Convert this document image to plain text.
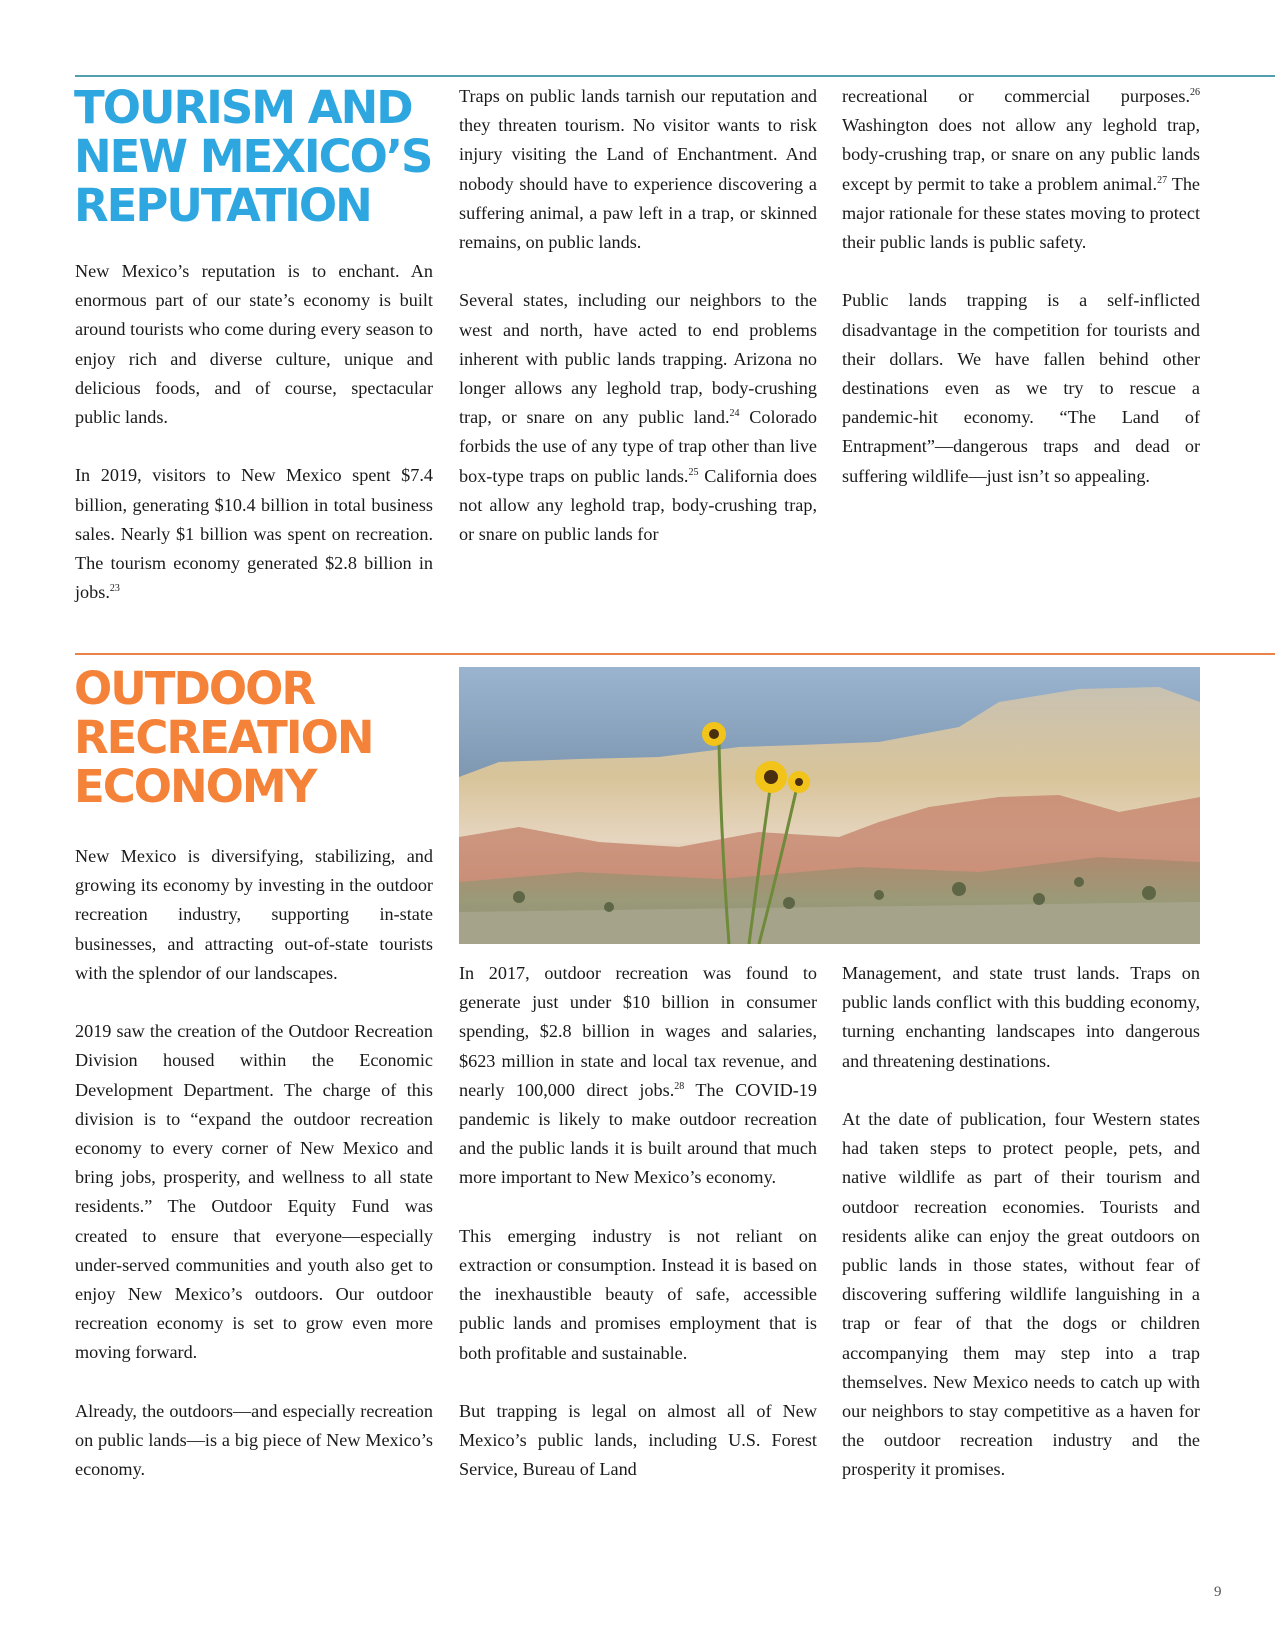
TOURISM AND
NEW MEXICO’S
REPUTATION

New Mexico’s reputation is to enchant. An enormous part of our state’s economy is built around tourists who come during every season to enjoy rich and diverse culture, unique and delicious foods, and of course, spectacular public lands.

In 2019, visitors to New Mexico spent $7.4 billion, generating $10.4 billion in total business sales. Nearly $1 billion was spent on recreation. The tourism economy generated $2.8 billion in jobs.$^{23}$

Traps on public lands tarnish our reputation and they threaten tourism. No visitor wants to risk injury visiting the Land of Enchantment. And nobody should have to experience discovering a suffering animal, a paw left in a trap, or skinned remains, on public lands.

Several states, including our neighbors to the west and north, have acted to end problems inherent with public lands trapping. Arizona no longer allows any leghold trap, body-crushing trap, or snare on any public land.$^{24}$ Colorado forbids the use of any type of trap other than live box-type traps on public lands.$^{25}$ California does not allow any leghold trap, body-crushing trap, or snare on public lands for

recreational or commercial purposes.$^{26}$ Washington does not allow any leghold trap, body-crushing trap, or snare on any public lands except by permit to take a problem animal.$^{27}$ The major rationale for these states moving to protect their public lands is public safety.

Public lands trapping is a self-inflicted disadvantage in the competition for tourists and their dollars. We have fallen behind other destinations even as we try to rescue a pandemic-hit economy. “The Land of Entrapment”—dangerous traps and dead or suffering wildlife—just isn’t so appealing.

OUTDOOR
RECREATION
ECONOMY

New Mexico is diversifying, stabilizing, and growing its economy by investing in the outdoor recreation industry, supporting in-state businesses, and attracting out-of-state tourists with the splendor of our landscapes.

2019 saw the creation of the Outdoor Recreation Division housed within the Economic Development Department. The charge of this division is to “expand the outdoor recreation economy to every corner of New Mexico and bring jobs, prosperity, and wellness to all state residents.” The Outdoor Equity Fund was created to ensure that everyone—especially under-served communities and youth also get to enjoy New Mexico’s outdoors. Our outdoor recreation economy is set to grow even more moving forward.

Already, the outdoors—and especially recreation on public lands—is a big piece of New Mexico’s economy.

In 2017, outdoor recreation was found to generate just under $10 billion in consumer spending, $2.8 billion in wages and salaries, $623 million in state and local tax revenue, and nearly 100,000 direct jobs.$^{28}$ The COVID-19 pandemic is likely to make outdoor recreation and the public lands it is built around that much more important to New Mexico’s economy.

This emerging industry is not reliant on extraction or consumption. Instead it is based on the inexhaustible beauty of safe, accessible public lands and promises employment that is both profitable and sustainable.

But trapping is legal on almost all of New Mexico’s public lands, including U.S. Forest Service, Bureau of Land

Management, and state trust lands. Traps on public lands conflict with this budding economy, turning enchanting landscapes into dangerous and threatening destinations.

At the date of publication, four Western states had taken steps to protect people, pets, and native wildlife as part of their tourism and outdoor recreation economies. Tourists and residents alike can enjoy the great outdoors on public lands in those states, without fear of discovering suffering wildlife languishing in a trap or fear of that the dogs or children accompanying them may step into a trap themselves. New Mexico needs to catch up with our neighbors to stay competitive as a haven for the outdoor recreation industry and the prosperity it promises.

9
